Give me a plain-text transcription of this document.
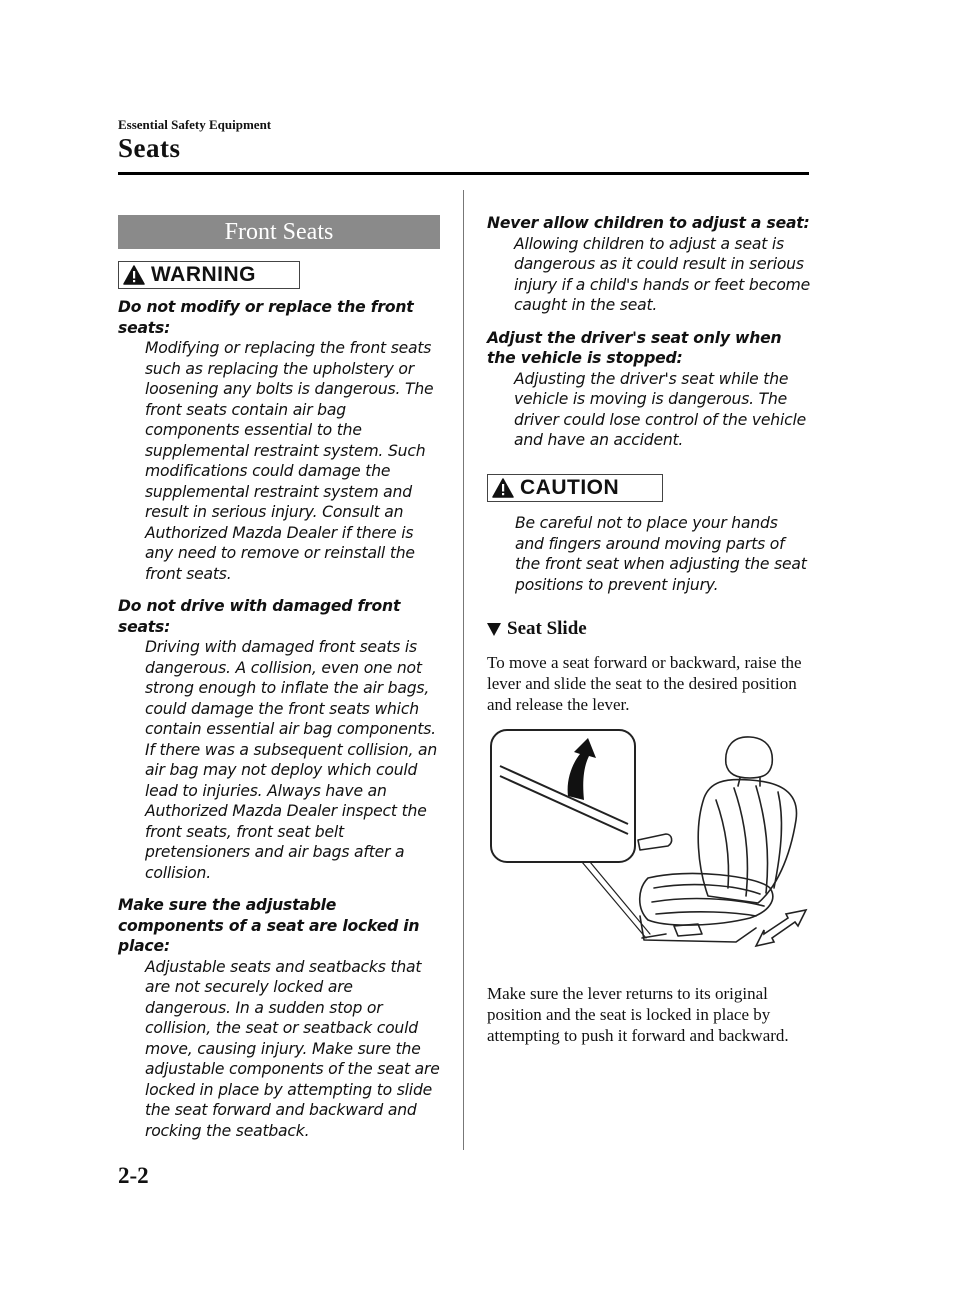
Essential Safety Equipment
Seats
Front Seats
WARNING
Do not modify or replace the front seats:
Modifying or replacing the front seats such as replacing the upholstery or loosening any bolts is dangerous. The front seats contain air bag components essential to the supplemental restraint system. Such modifications could damage the supplemental restraint system and result in serious injury. Consult an Authorized Mazda Dealer if there is any need to remove or reinstall the front seats.
Do not drive with damaged front seats:
Driving with damaged front seats is dangerous. A collision, even one not strong enough to inflate the air bags, could damage the front seats which contain essential air bag components. If there was a subsequent collision, an air bag may not deploy which could lead to injuries. Always have an Authorized Mazda Dealer inspect the front seats, front seat belt pretensioners and air bags after a collision.
Make sure the adjustable components of a seat are locked in place:
Adjustable seats and seatbacks that are not securely locked are dangerous. In a sudden stop or collision, the seat or seatback could move, causing injury. Make sure the adjustable components of the seat are locked in place by attempting to slide the seat forward and backward and rocking the seatback.
Never allow children to adjust a seat:
Allowing children to adjust a seat is dangerous as it could result in serious injury if a child's hands or feet become caught in the seat.
Adjust the driver's seat only when the vehicle is stopped:
Adjusting the driver's seat while the vehicle is moving is dangerous. The driver could lose control of the vehicle and have an accident.
CAUTION
Be careful not to place your hands and fingers around moving parts of the front seat when adjusting the seat positions to prevent injury.
Seat Slide
To move a seat forward or backward, raise the lever and slide the seat to the desired position and release the lever.
Make sure the lever returns to its original position and the seat is locked in place by attempting to push it forward and backward.
2-2
